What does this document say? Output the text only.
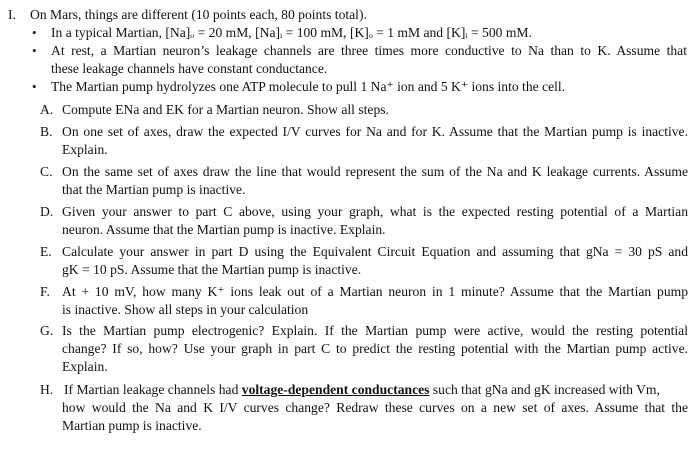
I. On Mars, things are different (10 points each, 80 points total).
• In a typical Martian, [Na]ₒ = 20 mM, [Na]ᵢ = 100 mM, [K]ₒ = 1 mM and [K]ᵢ = 500 mM.
• At rest, a Martian neuron’s leakage channels are three times more conductive to Na than to K. Assume that
these leakage channels have constant conductance.
• The Martian pump hydrolyzes one ATP molecule to pull 1 Na⁺ ion and 5 K⁺ ions into the cell.
A. Compute ENa and EK for a Martian neuron. Show all steps.
B. On one set of axes, draw the expected I/V curves for Na and for K. Assume that the Martian pump is inactive.
Explain.
C. On the same set of axes draw the line that would represent the sum of the Na and K leakage currents. Assume
that the Martian pump is inactive.
D. Given your answer to part C above, using your graph, what is the expected resting potential of a Martian
neuron. Assume that the Martian pump is inactive. Explain.
E. Calculate your answer in part D using the Equivalent Circuit Equation and assuming that gNa = 30 pS and
gK = 10 pS. Assume that the Martian pump is inactive.
F. At + 10 mV, how many K⁺ ions leak out of a Martian neuron in 1 minute? Assume that the Martian pump
is inactive. Show all steps in your calculation
G. Is the Martian pump electrogenic? Explain. If the Martian pump were active, would the resting potential
change? If so, how? Use your graph in part C to predict the resting potential with the Martian pump active.
Explain.
H. If Martian leakage channels had voltage-dependent conductances such that gNa and gK increased with Vm,
how would the Na and K I/V curves change? Redraw these curves on a new set of axes. Assume that the
Martian pump is inactive.
